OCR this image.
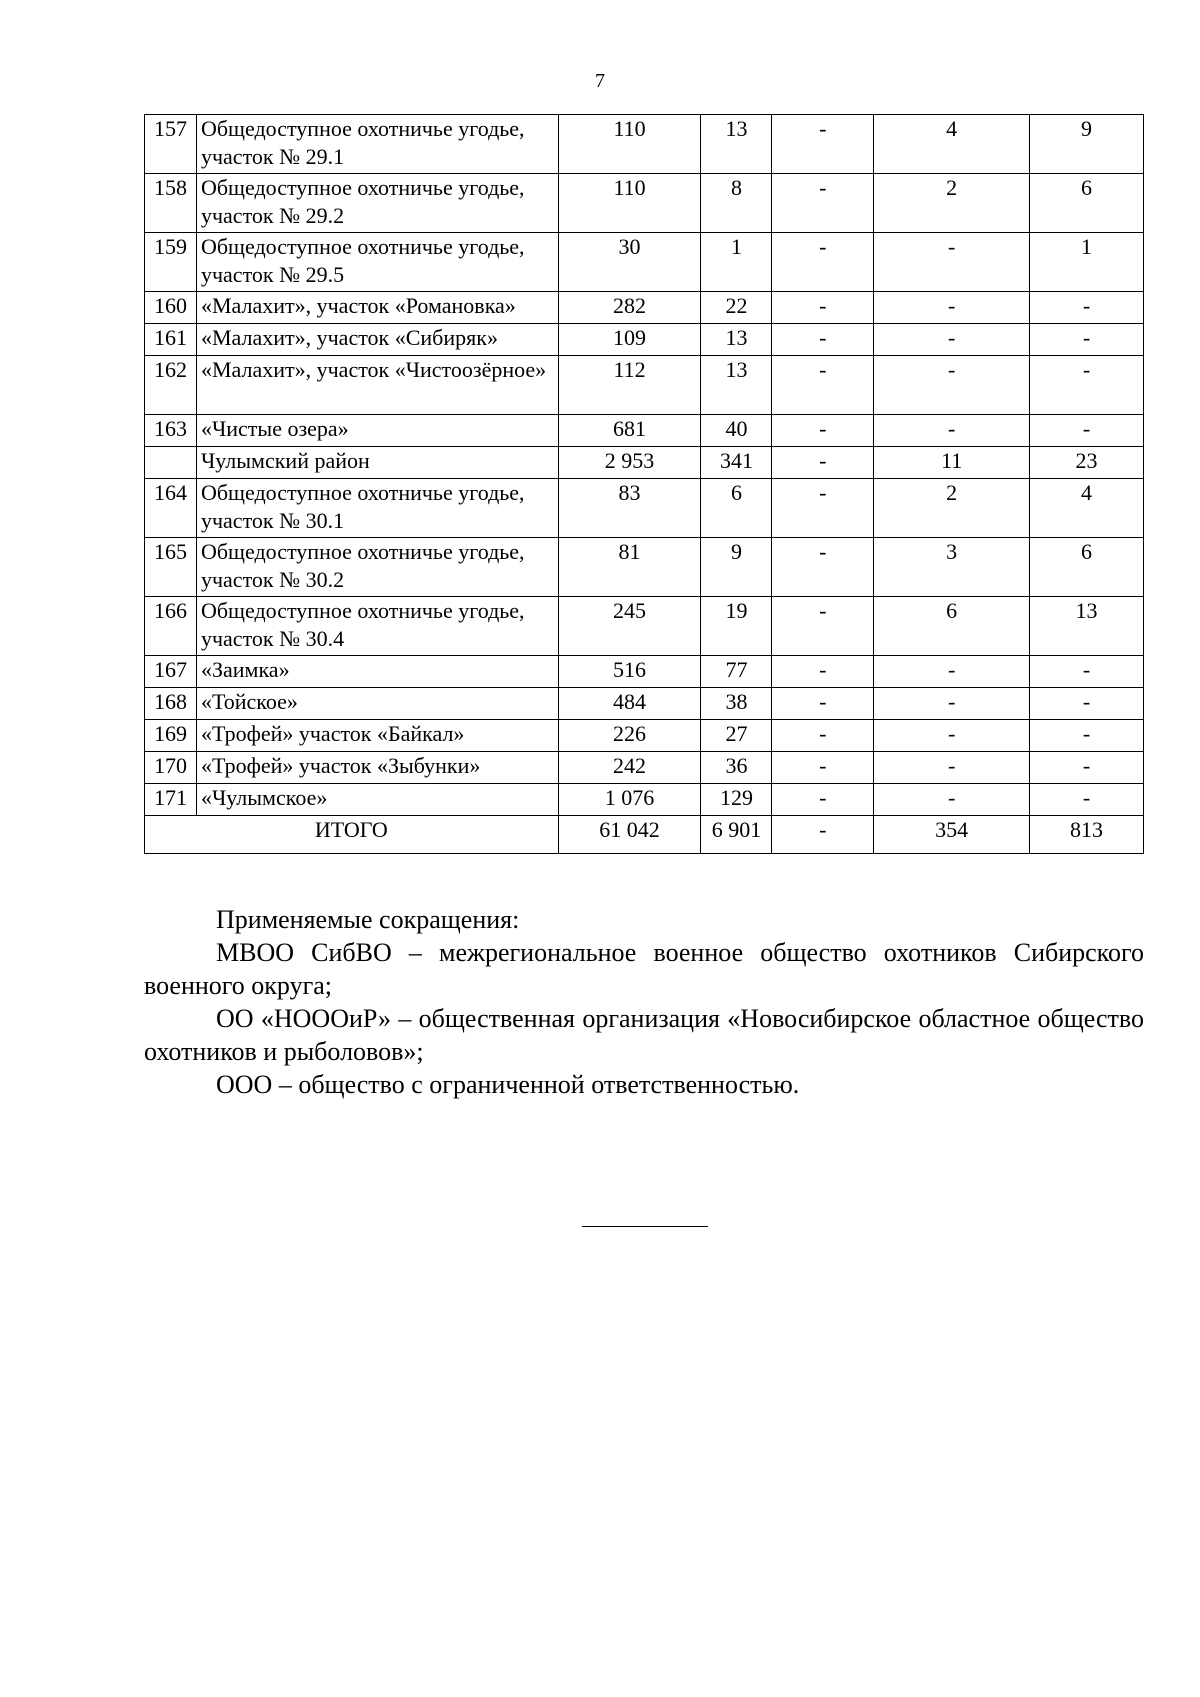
7
157	Общедоступное охотничье угодье, участок № 29.1	110	13	-	4	9
158	Общедоступное охотничье угодье, участок № 29.2	110	8	-	2	6
159	Общедоступное охотничье угодье, участок № 29.5	30	1	-	-	1
160	«Малахит», участок «Романовка»	282	22	-	-	-
161	«Малахит», участок «Сибиряк»	109	13	-	-	-
162	«Малахит», участок «Чистоозёрное»	112	13	-	-	-
163	«Чистые озера»	681	40	-	-	-
	Чулымский район	2 953	341	-	11	23
164	Общедоступное охотничье угодье, участок № 30.1	83	6	-	2	4
165	Общедоступное охотничье угодье, участок № 30.2	81	9	-	3	6
166	Общедоступное охотничье угодье, участок № 30.4	245	19	-	6	13
167	«Заимка»	516	77	-	-	-
168	«Тойское»	484	38	-	-	-
169	«Трофей» участок «Байкал»	226	27	-	-	-
170	«Трофей» участок «Зыбунки»	242	36	-	-	-
171	«Чулымское»	1 076	129	-	-	-
ИТОГО		61 042	6 901	-	354	813

Применяемые сокращения:

МВОО СибВО – межрегиональное военное общество охотников Сибирского военного округа;

ОО «НОООиР» – общественная организация «Новосибирское областное общество охотников и рыболовов»;

ООО – общество с ограниченной ответственностью.
